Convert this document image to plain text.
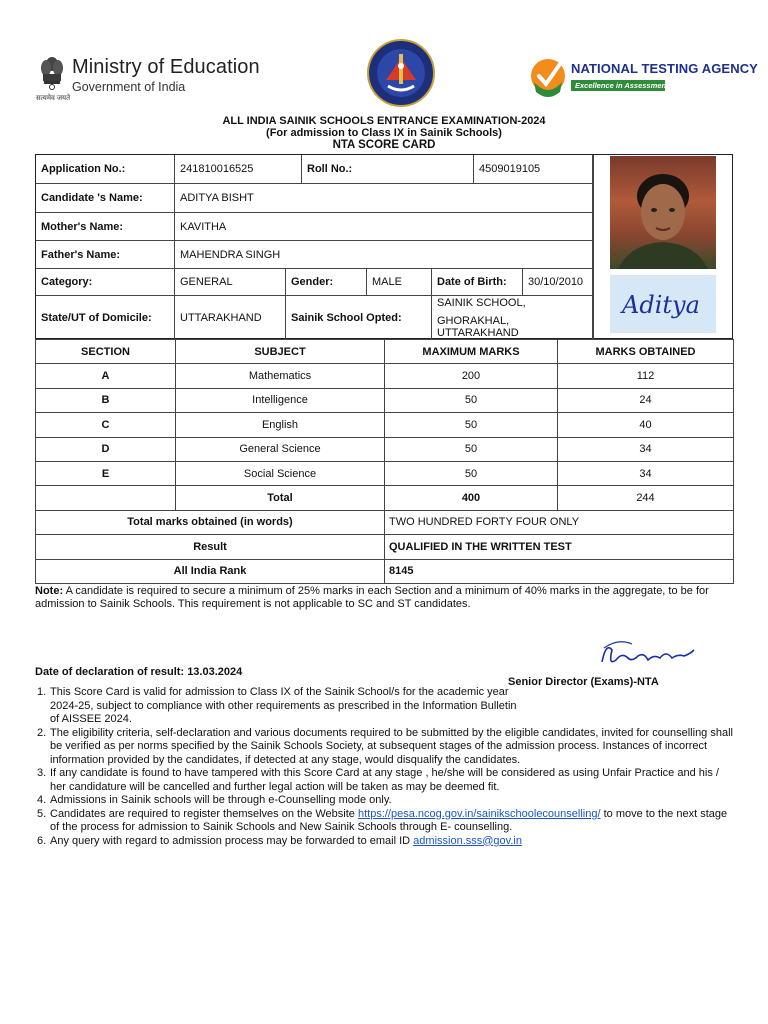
Ministry of Education
Government of India
सत्यमेव जयते
NATIONAL TESTING AGENCY
Excellence in Assessment
ALL INDIA SAINIK SCHOOLS ENTRANCE EXAMINATION-2024
(For admission to Class IX in Sainik Schools)
NTA SCORE CARD
Application No.:	241810016525	Roll No.:	4509019105
Candidate 's Name:	ADITYA BISHT
Mother's Name:	KAVITHA
Father's Name:	MAHENDRA SINGH
Category:	GENERAL	Gender:	MALE	Date of Birth:	30/10/2010
State/UT of Domicile:	UTTARAKHAND	Sainik School Opted:
SAINIK SCHOOL,
GHORAKHAL, UTTARAKHAND
Aditya
SECTION	SUBJECT	MAXIMUM MARKS	MARKS OBTAINED
A	Mathematics	200	112
B	Intelligence	50	24
C	English	50	40
D	General Science	50	34
E	Social Science	50	34
	Total	400	244
Total marks obtained (in words)		TWO HUNDRED FORTY FOUR ONLY	
Result		QUALIFIED IN THE WRITTEN TEST	
All India Rank		8145	
Note: A candidate is required to secure a minimum of 25% marks in each Section and a minimum of 40% marks in the aggregate, to be for admission to Sainik Schools. This requirement is not applicable to SC and ST candidates.
Date of declaration of result: 13.03.2024
Senior Director (Exams)-NTA
1. This Score Card is valid for admission to Class IX of the Sainik School/s for the academic year 2024-25, subject to compliance with other requirements as prescribed in the Information Bulletin of AISSEE 2024.
2. The eligibility criteria, self-declaration and various documents required to be submitted by the eligible candidates, invited for counselling shall be verified as per norms specified by the Sainik Schools Society, at subsequent stages of the admission process. Instances of incorrect information provided by the candidates, if detected at any stage, would disqualify the candidates.
3. If any candidate is found to have tampered with this Score Card at any stage , he/she will be considered as using Unfair Practice and his / her candidature will be cancelled and further legal action will be taken as may be deemed fit.
4. Admissions in Sainik schools will be through e-Counselling mode only.
5. Candidates are required to register themselves on the Website https://pesa.ncog.gov.in/sainikschoolecounselling/ to move to the next stage of the process for admission to Sainik Schools and New Sainik Schools through E- counselling.
6. Any query with regard to admission process may be forwarded to email ID admission.sss@gov.in
